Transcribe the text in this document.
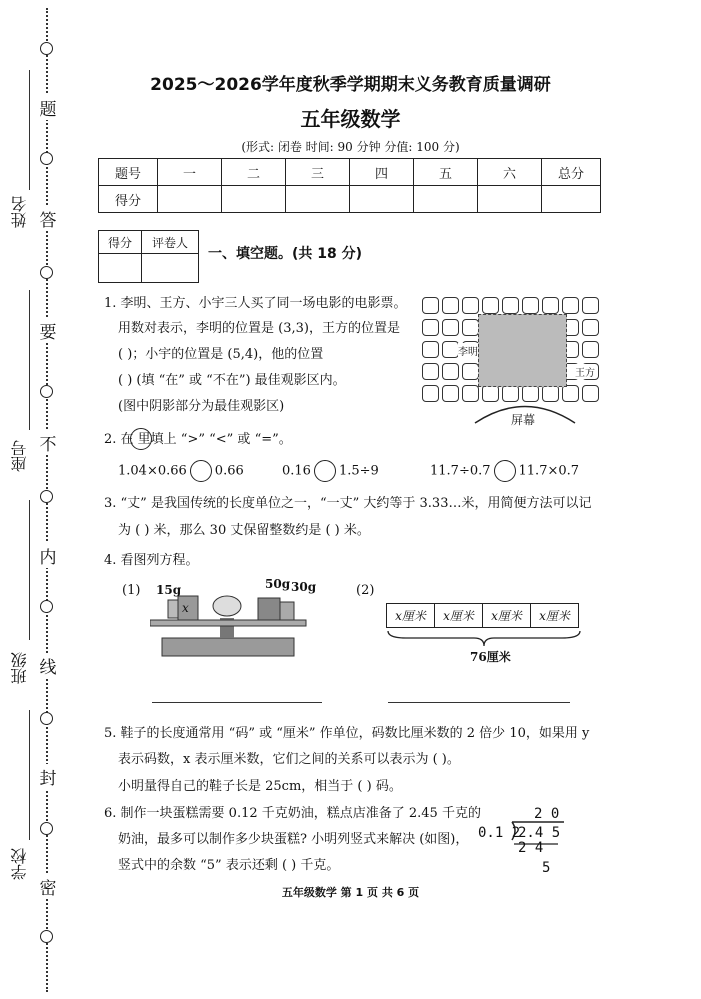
题
答
要
不
内
线
封
密
姓名
座号
班级
学校
2025～2026学年度秋季学期期末义务教育质量调研
五年级数学
(形式: 闭卷 时间: 90 分钟 分值: 100 分)
题号	一	二	三	四	五	六	总分
得分							
得分	评卷人

一、填空题。(共 18 分)
1. 李明、王方、小宇三人买了同一场电影的电影票。
用数对表示，李明的位置是 (3,3)，王方的位置是
( )；小宇的位置是 (5,4)，他的位置
( ) (填 “在” 或 “不在”) 最佳观影区内。
(图中阴影部分为最佳观影区)
李明
王方
屏幕
2. 在 里填上 “>” “<” 或 “=”。
1.04×0.66 0.66	0.16 1.5÷9	11.7÷0.7 11.7×0.7
3. “丈” 是我国传统的长度单位之一，“一丈” 大约等于 3.33…米，用简便方法可以记
为 ( ) 米，那么 30 丈保留整数约是 ( ) 米。
4. 看图列方程。
(1)	(2)
15g
x
50g 30g
x厘米	x厘米	x厘米	x厘米
76厘米
5. 鞋子的长度通常用 “码” 或 “厘米” 作单位，码数比厘米数的 2 倍少 10，如果用 y
表示码数，x 表示厘米数，它们之间的关系可以表示为 ( )。
小明量得自己的鞋子长是 25cm，相当于 ( ) 码。
6. 制作一块蛋糕需要 0.12 千克奶油，糕点店准备了 2.45 千克的
奶油，最多可以制作多少块蛋糕? 小明列竖式来解决 (如图)，
竖式中的余数 “5” 表示还剩 ( ) 千克。
2 0
0.1 2
2.4 5
2 4
5
五年级数学 第 1 页 共 6 页
